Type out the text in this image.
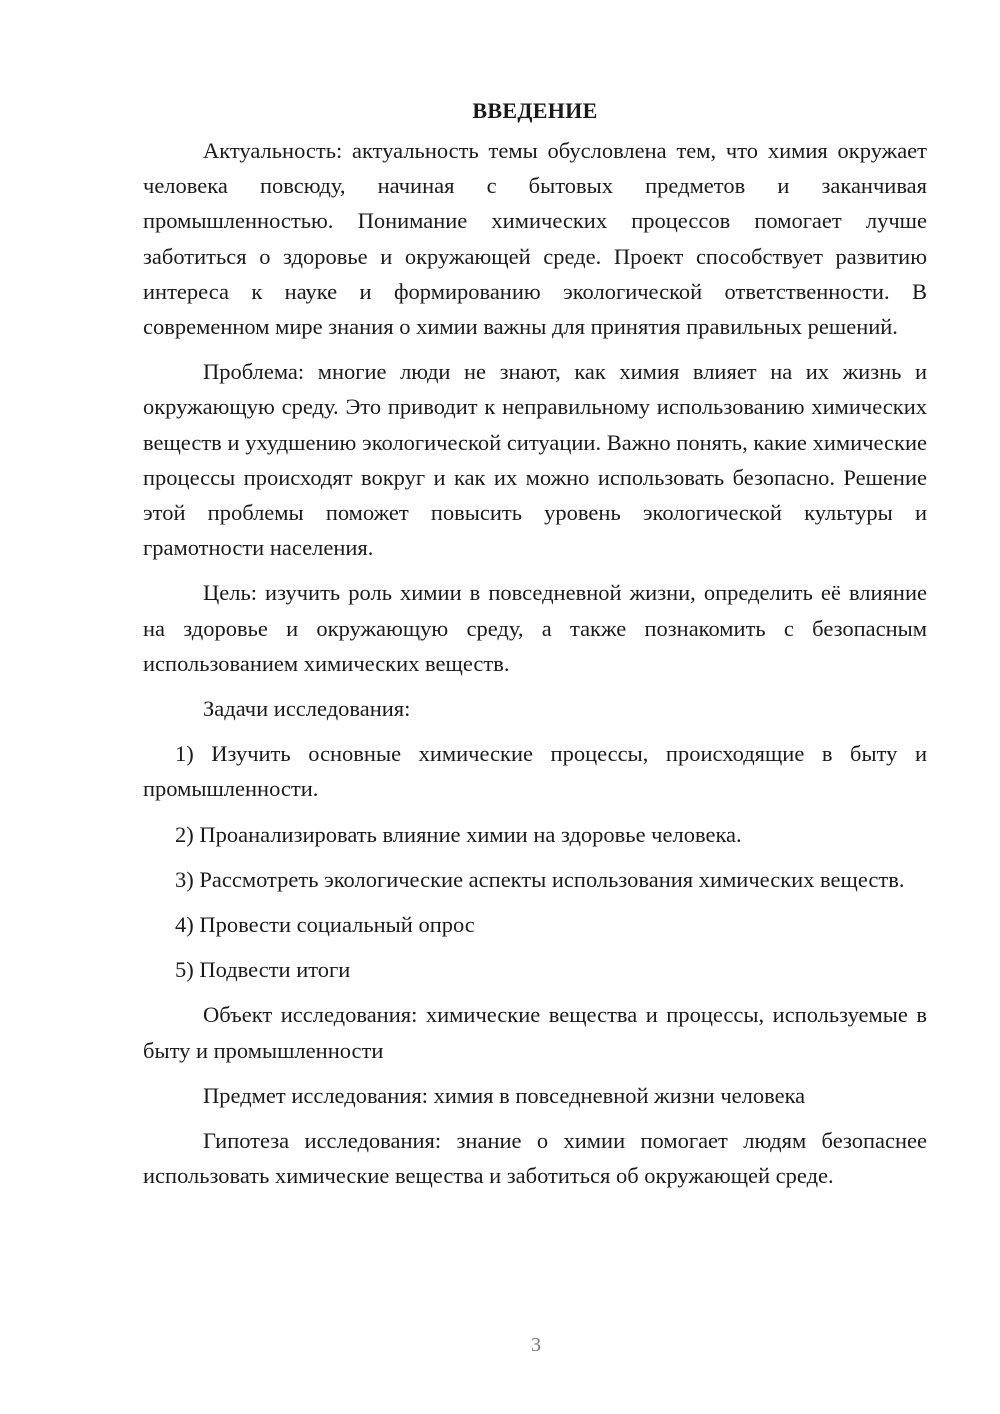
ВВЕДЕНИЕ

Актуальность: актуальность темы обусловлена тем, что химия окружает человека повсюду, начиная с бытовых предметов и заканчивая промышленностью. Понимание химических процессов помогает лучше заботиться о здоровье и окружающей среде. Проект способствует развитию интереса к науке и формированию экологической ответственности. В современном мире знания о химии важны для принятия правильных решений.

Проблема: многие люди не знают, как химия влияет на их жизнь и окружающую среду. Это приводит к неправильному использованию химических веществ и ухудшению экологической ситуации. Важно понять, какие химические процессы происходят вокруг и как их можно использовать безопасно. Решение этой проблемы поможет повысить уровень экологической культуры и грамотности населения.

Цель: изучить роль химии в повседневной жизни, определить её влияние на здоровье и окружающую среду, а также познакомить с безопасным использованием химических веществ.

Задачи исследования:

1) Изучить основные химические процессы, происходящие в быту и промышленности.

2) Проанализировать влияние химии на здоровье человека.

3) Рассмотреть экологические аспекты использования химических веществ.

4) Провести социальный опрос

5) Подвести итоги

Объект исследования: химические вещества и процессы, используемые в быту и промышленности

Предмет исследования: химия в повседневной жизни человека

Гипотеза исследования: знание о химии помогает людям безопаснее использовать химические вещества и заботиться об окружающей среде.

3
